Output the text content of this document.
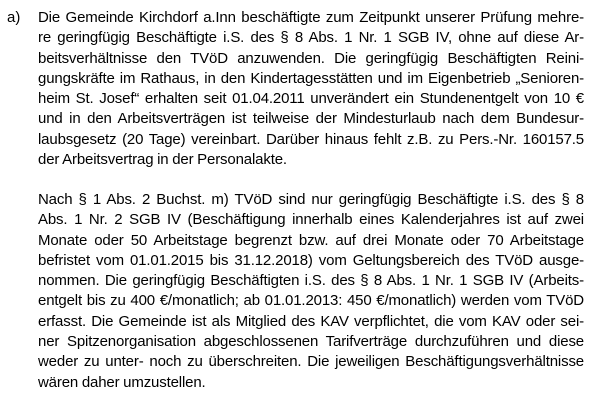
a) Die Gemeinde Kirchdorf a.Inn beschäftigte zum Zeitpunkt unserer Prüfung mehre-
re geringfügig Beschäftigte i.S. des § 8 Abs. 1 Nr. 1 SGB IV, ohne auf diese Ar-
beitsverhältnisse den TVöD anzuwenden. Die geringfügig Beschäftigten Reini-
gungskräfte im Rathaus, in den Kindertagesstätten und im Eigenbetrieb „Senioren-
heim St. Josef“ erhalten seit 01.04.2011 unverändert ein Stundenentgelt von 10 €
und in den Arbeitsverträgen ist teilweise der Mindesturlaub nach dem Bundesur-
laubsgesetz (20 Tage) vereinbart. Darüber hinaus fehlt z.B. zu Pers.-Nr. 160157.5
der Arbeitsvertrag in der Personalakte.
Nach § 1 Abs. 2 Buchst. m) TVöD sind nur geringfügig Beschäftigte i.S. des § 8
Abs. 1 Nr. 2 SGB IV (Beschäftigung innerhalb eines Kalenderjahres ist auf zwei
Monate oder 50 Arbeitstage begrenzt bzw. auf drei Monate oder 70 Arbeitstage
befristet vom 01.01.2015 bis 31.12.2018) vom Geltungsbereich des TVöD ausge-
nommen. Die geringfügig Beschäftigten i.S. des § 8 Abs. 1 Nr. 1 SGB IV (Arbeits-
entgelt bis zu 400 €/monatlich; ab 01.01.2013: 450 €/monatlich) werden vom TVöD
erfasst. Die Gemeinde ist als Mitglied des KAV verpflichtet, die vom KAV oder sei-
ner Spitzenorganisation abgeschlossenen Tarifverträge durchzuführen und diese
weder zu unter- noch zu überschreiten. Die jeweiligen Beschäftigungsverhältnisse
wären daher umzustellen.
